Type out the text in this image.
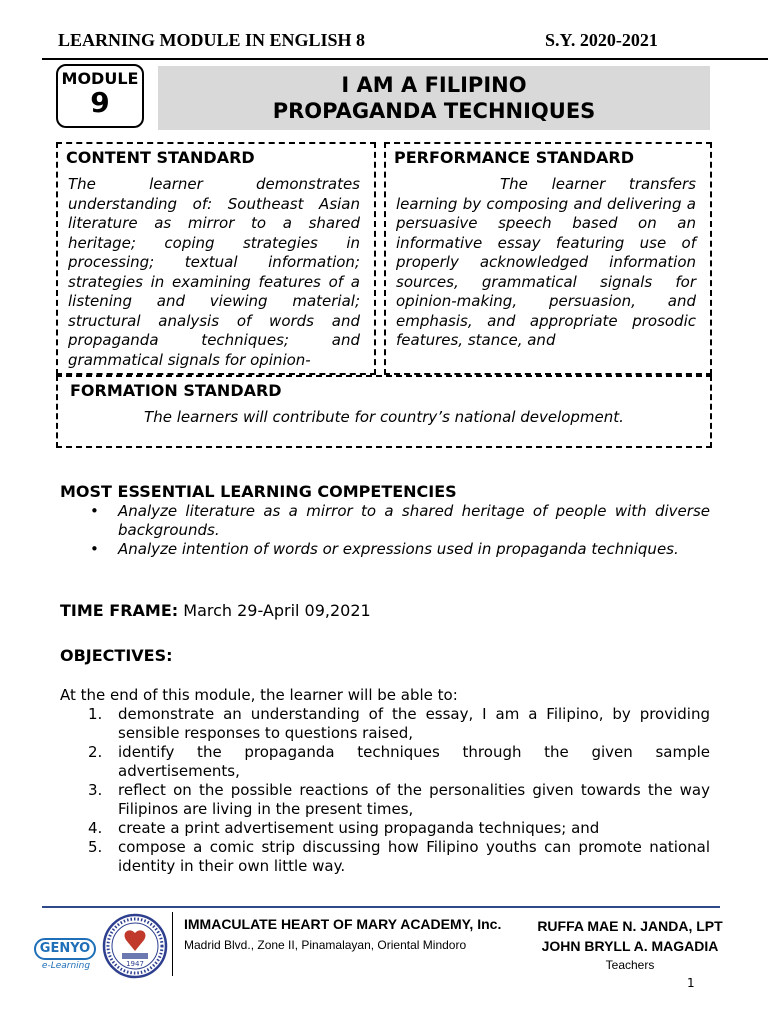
LEARNING MODULE IN ENGLISH 8	S.Y. 2020-2021
MODULE
9
I AM A FILIPINO
PROPAGANDA TECHNIQUES
CONTENT STANDARD
The learner demonstrates understanding of: Southeast Asian literature as mirror to a shared heritage; coping strategies in processing; textual information; strategies in examining features of a listening and viewing material; structural analysis of words and propaganda techniques; and grammatical signals for opinion-
PERFORMANCE STANDARD
The learner transfers learning by composing and delivering a persuasive speech based on an informative essay featuring use of properly acknowledged information sources, grammatical signals for opinion-making, persuasion, and emphasis, and appropriate prosodic features, stance, and
FORMATION STANDARD
The learners will contribute for country’s national development.
MOST ESSENTIAL LEARNING COMPETENCIES
• Analyze literature as a mirror to a shared heritage of people with diverse backgrounds.
• Analyze intention of words or expressions used in propaganda techniques.
TIME FRAME: March 29-April 09,2021
OBJECTIVES:
At the end of this module, the learner will be able to:
1. demonstrate an understanding of the essay, I am a Filipino, by providing sensible responses to questions raised,
2. identify the propaganda techniques through the given sample advertisements,
3. reflect on the possible reactions of the personalities given towards the way Filipinos are living in the present times,
4. create a print advertisement using propaganda techniques; and
5. compose a comic strip discussing how Filipino youths can promote national identity in their own little way.
GENYO
e-Learning	1947
IMMACULATE HEART OF MARY ACADEMY, Inc.
Madrid Blvd., Zone II, Pinamalayan, Oriental Mindoro
RUFFA MAE N. JANDA, LPT
JOHN BRYLL A. MAGADIA
Teachers
1
